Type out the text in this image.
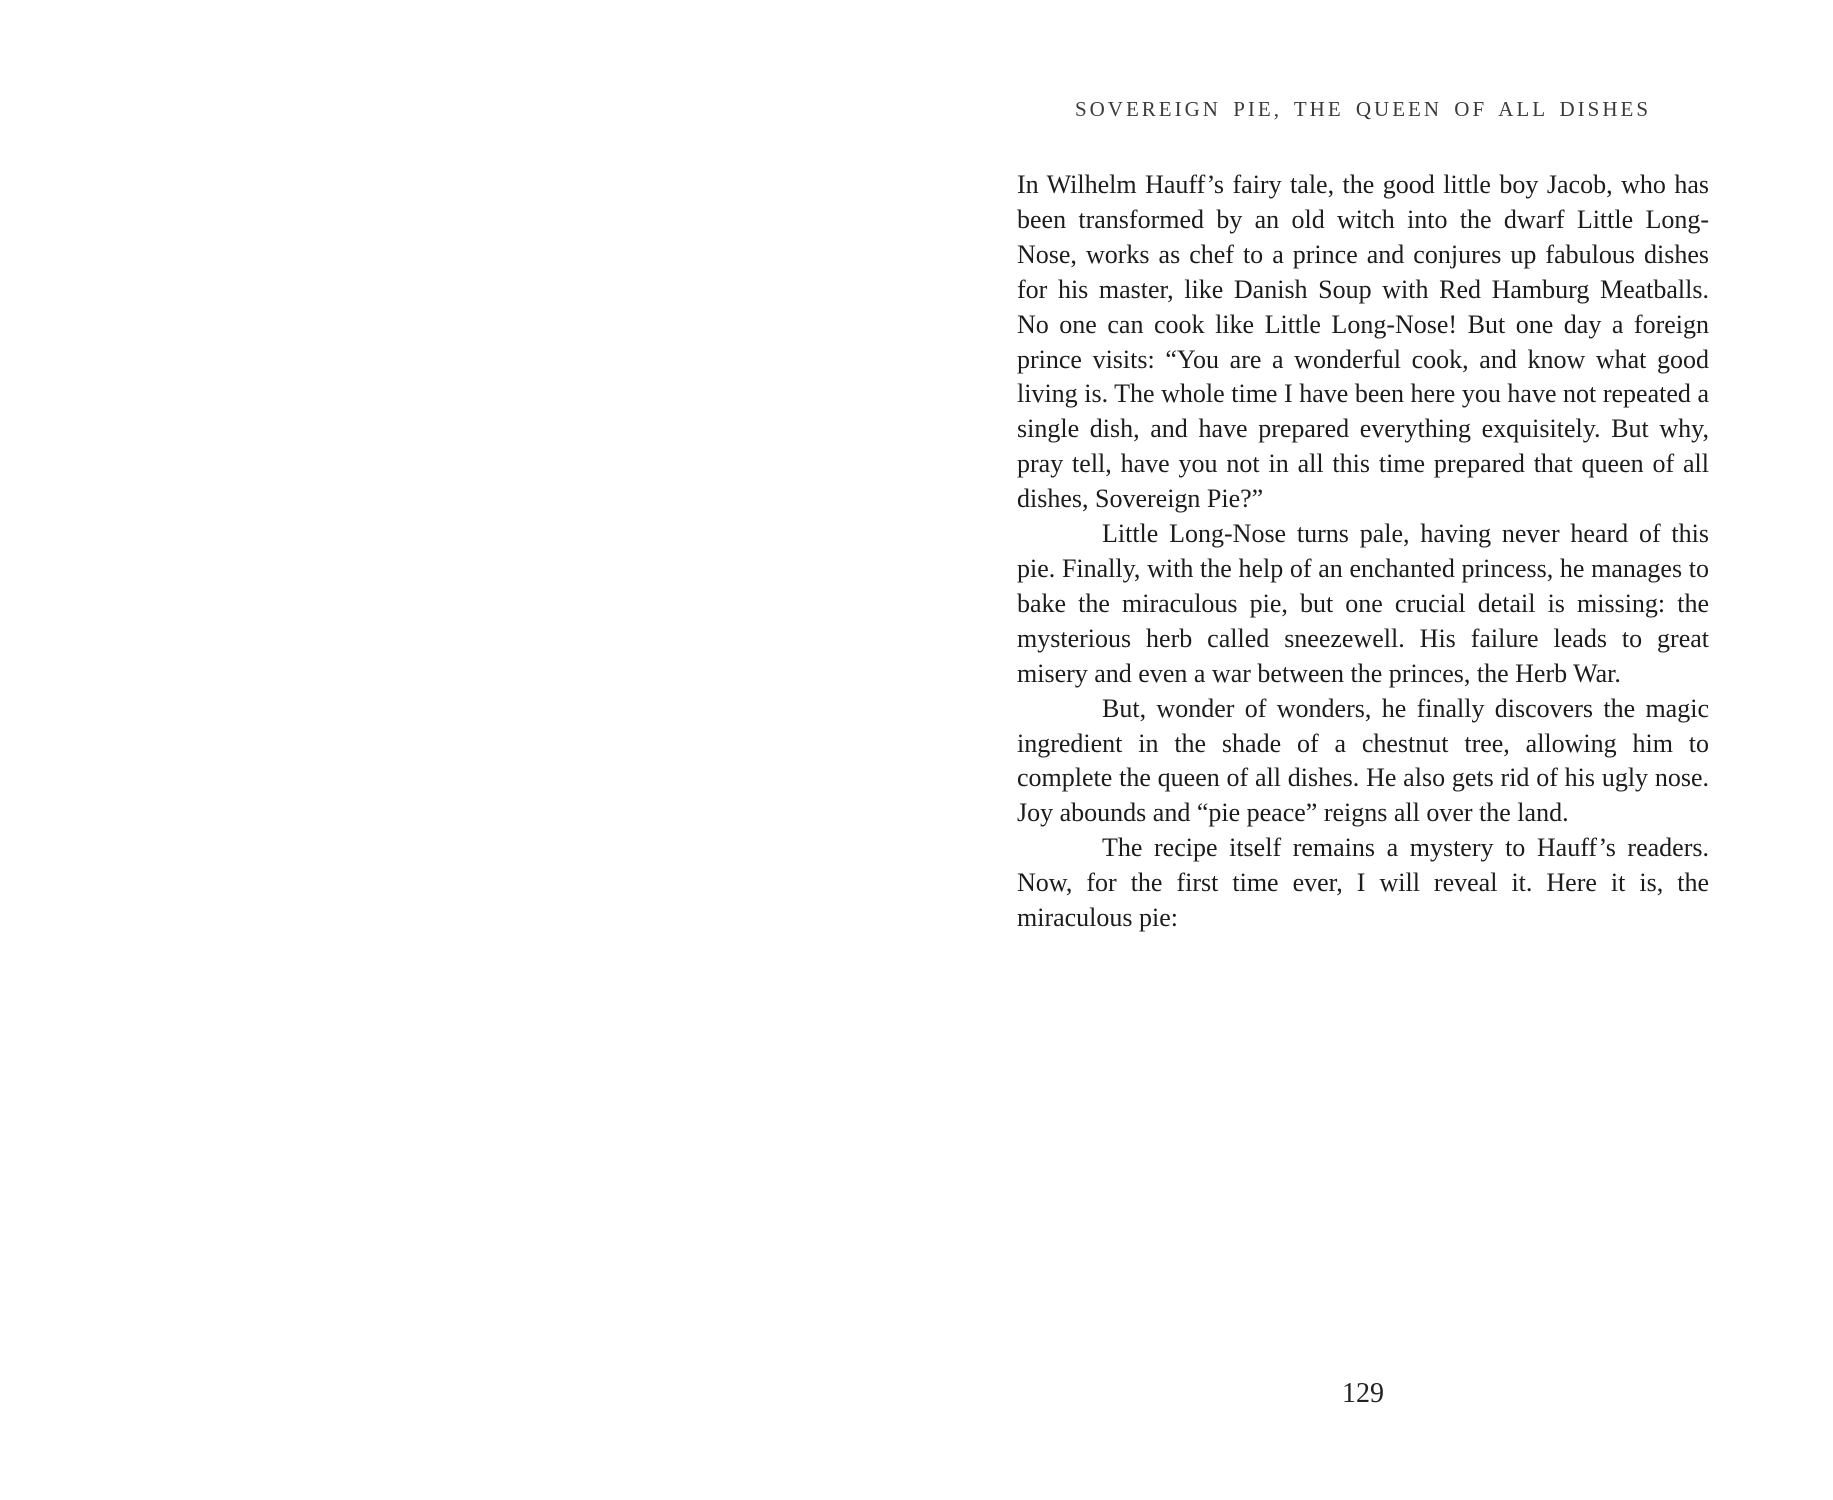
SOVEREIGN PIE, THE QUEEN OF ALL DISHES

In Wilhelm Hauff’s fairy tale, the good little boy Jacob, who has been transformed by an old witch into the dwarf Little Long-Nose, works as chef to a prince and conjures up fabulous dishes for his master, like Danish Soup with Red Hamburg Meatballs. No one can cook like Little Long-Nose! But one day a foreign prince visits: “You are a wonderful cook, and know what good living is. The whole time I have been here you have not repeated a single dish, and have prepared everything exquisitely. But why, pray tell, have you not in all this time prepared that queen of all dishes, Sovereign Pie?”

Little Long-Nose turns pale, having never heard of this pie. Finally, with the help of an enchanted princess, he manages to bake the miraculous pie, but one crucial detail is missing: the mysterious herb called sneezewell. His failure leads to great misery and even a war between the princes, the Herb War.

But, wonder of wonders, he finally discovers the magic ingredient in the shade of a chestnut tree, allowing him to complete the queen of all dishes. He also gets rid of his ugly nose. Joy abounds and “pie peace” reigns all over the land.

The recipe itself remains a mystery to Hauff’s readers. Now, for the first time ever, I will reveal it. Here it is, the miraculous pie:

129
